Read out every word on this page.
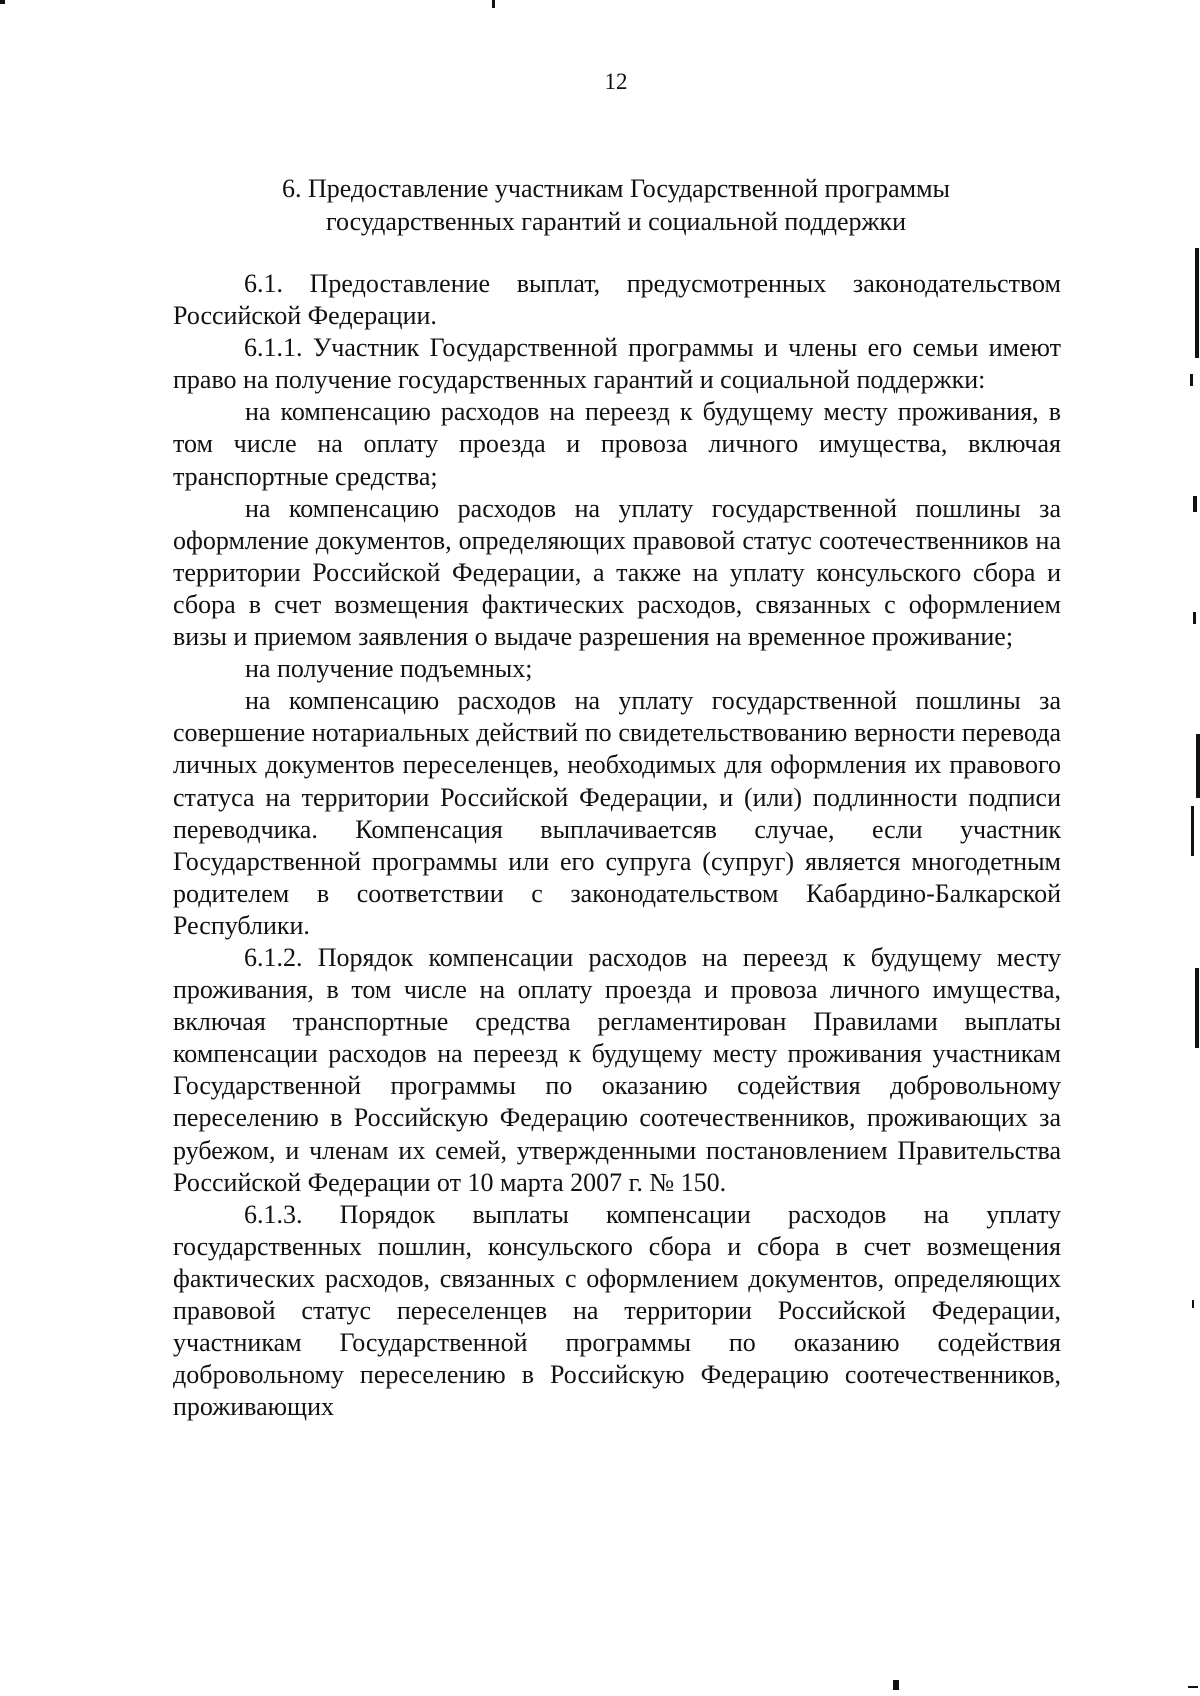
12
6. Предоставление участникам Государственной программы
государственных гарантий и социальной поддержки

6.1. Предоставление выплат, предусмотренных законодательством Российской Федерации.

6.1.1. Участник Государственной программы и члены его семьи имеют право на получение государственных гарантий и социальной поддержки:

на компенсацию расходов на переезд к будущему месту проживания, в том числе на оплату проезда и провоза личного имущества, включая транспортные средства;

на компенсацию расходов на уплату государственной пошлины за оформление документов, определяющих правовой статус соотечественников на территории Российской Федерации, а также на уплату консульского сбора и сбора в счет возмещения фактических расходов, связанных с оформлением визы и приемом заявления о выдаче разрешения на временное проживание;

на получение подъемных;

на компенсацию расходов на уплату государственной пошлины за совершение нотариальных действий по свидетельствованию верности перевода личных документов переселенцев, необходимых для оформления их правового статуса на территории Российской Федерации, и (или) подлинности подписи переводчика. Компенсация выплачиваетсяв случае, если участник Государственной программы или его супруга (супруг) является многодетным родителем в соответствии с законодательством Кабардино-Балкарской Республики.

6.1.2. Порядок компенсации расходов на переезд к будущему месту проживания, в том числе на оплату проезда и провоза личного имущества, включая транспортные средства регламентирован Правилами выплаты компенсации расходов на переезд к будущему месту проживания участникам Государственной программы по оказанию содействия добровольному переселению в Российскую Федерацию соотечественников, проживающих за рубежом, и членам их семей, утвержденными постановлением Правительства Российской Федерации от 10 марта 2007 г. № 150.

6.1.3. Порядок выплаты компенсации расходов на уплату государственных пошлин, консульского сбора и сбора в счет возмещения фактических расходов, связанных с оформлением документов, определяющих правовой статус переселенцев на территории Российской Федерации, участникам Государственной программы по оказанию содействия добровольному переселению в Российскую Федерацию соотечественников, проживающих
